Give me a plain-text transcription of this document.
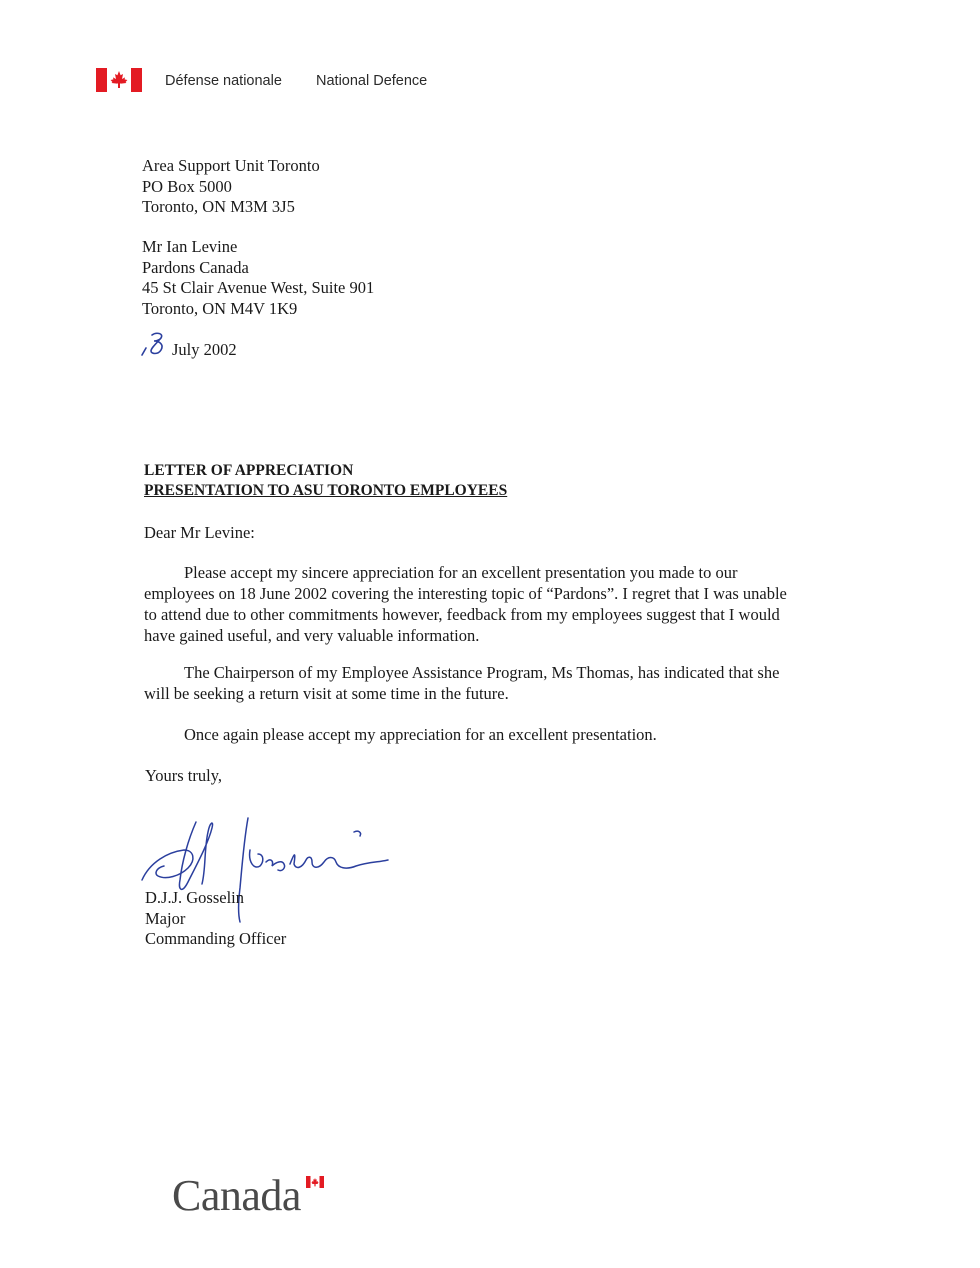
Défense nationale National Defence
Area Support Unit Toronto
PO Box 5000
Toronto, ON M3M 3J5
Mr Ian Levine
Pardons Canada
45 St Clair Avenue West, Suite 901
Toronto, ON M4V 1K9
July 2002
LETTER OF APPRECIATION
PRESENTATION TO ASU TORONTO EMPLOYEES
Dear Mr Levine:
Please accept my sincere appreciation for an excellent presentation you made to our
employees on 18 June 2002 covering the interesting topic of “Pardons”. I regret that I was unable
to attend due to other commitments however, feedback from my employees suggest that I would
have gained useful, and very valuable information.
The Chairperson of my Employee Assistance Program, Ms Thomas, has indicated that she
will be seeking a return visit at some time in the future.
Once again please accept my appreciation for an excellent presentation.
Yours truly,
D.J.J. Gosselin
Major
Commanding Officer
Canada
